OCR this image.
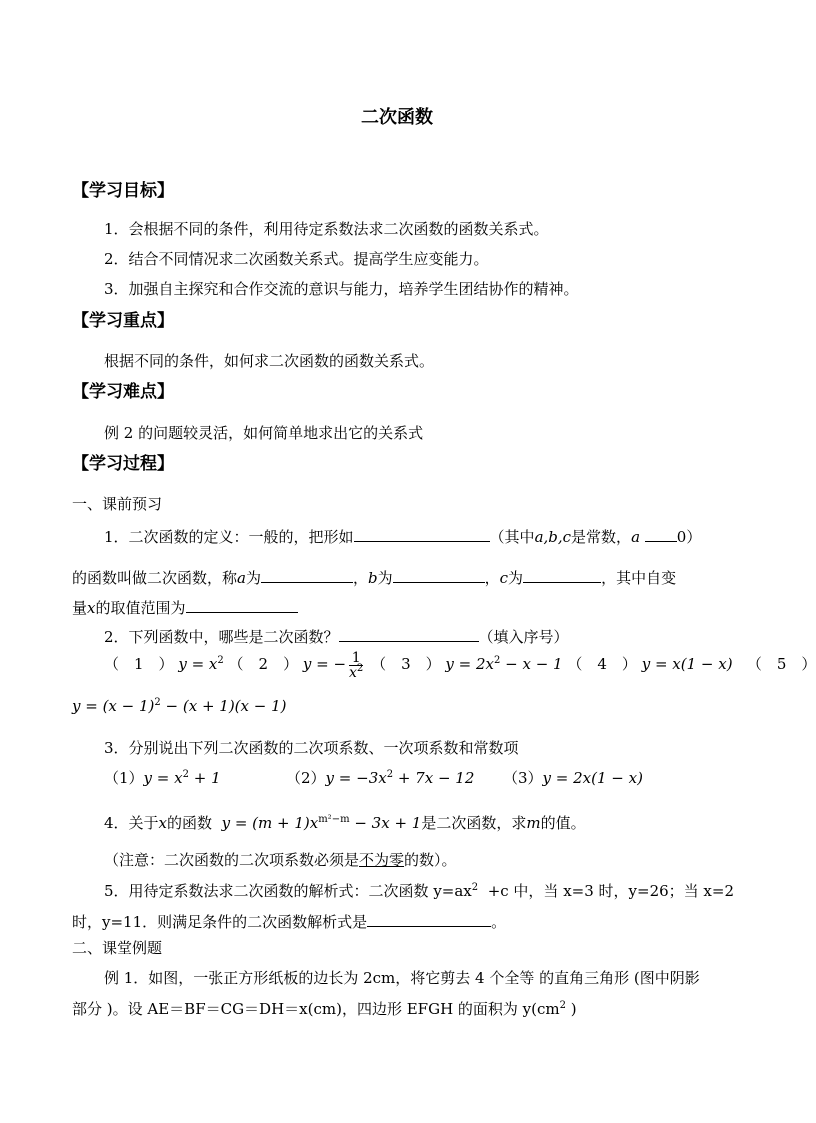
二次函数
【学习目标】
1．会根据不同的条件，利用待定系数法求二次函数的函数关系式。
2．结合不同情况求二次函数关系式。提高学生应变能力。
3．加强自主探究和合作交流的意识与能力，培养学生团结协作的精神。
【学习重点】
根据不同的条件，如何求二次函数的函数关系式。
【学习难点】
例 2 的问题较灵活，如何简单地求出它的关系式
【学习过程】
一、课前预习
1．二次函数的定义：一般的，把形如	（其中a,b,c是常数，a 0）
的函数叫做二次函数，称a为	，b为	，c为	，其中自变
量x的取值范围为
2．下列函数中，哪些是二次函数？	（填入序号）
（　1　） $y = x^2$ （　2　） y = − $\frac{1}{x^2}$ （　3　） $y = 2x^2 - x - 1$ （　4　） y = x(1 − x) （　5　）
$y = (x - 1)^2 - (x + 1)(x - 1)$
3．分别说出下列二次函数的二次项系数、一次项系数和常数项
$(1)y = x^2 + 1$	$(2)y = -3x^2 + 7x - 12$ （3）y = 2x(1 − x)
4．关于x的函数 $y = (m + 1)x^{m^2-m} - 3x + 1$是二次函数，求m的值。
（注意：二次函数的二次项系数必须是不为零的数）。
5．用待定系数法求二次函数的解析式：二次函数 $y=ax^2 +c$ 中，当 x=3 时，y=26；当 x=2
时，y=11．则满足条件的二次函数解析式是	。
二、课堂例题
例 1．如图，一张正方形纸板的边长为 2cm，将它剪去 4 个全等 的直角三角形 (图中阴影
部分 )。设 AE＝BF＝CG＝DH＝x(cm)，四边形 EFGH 的面积为 $y(cm^2$ )
